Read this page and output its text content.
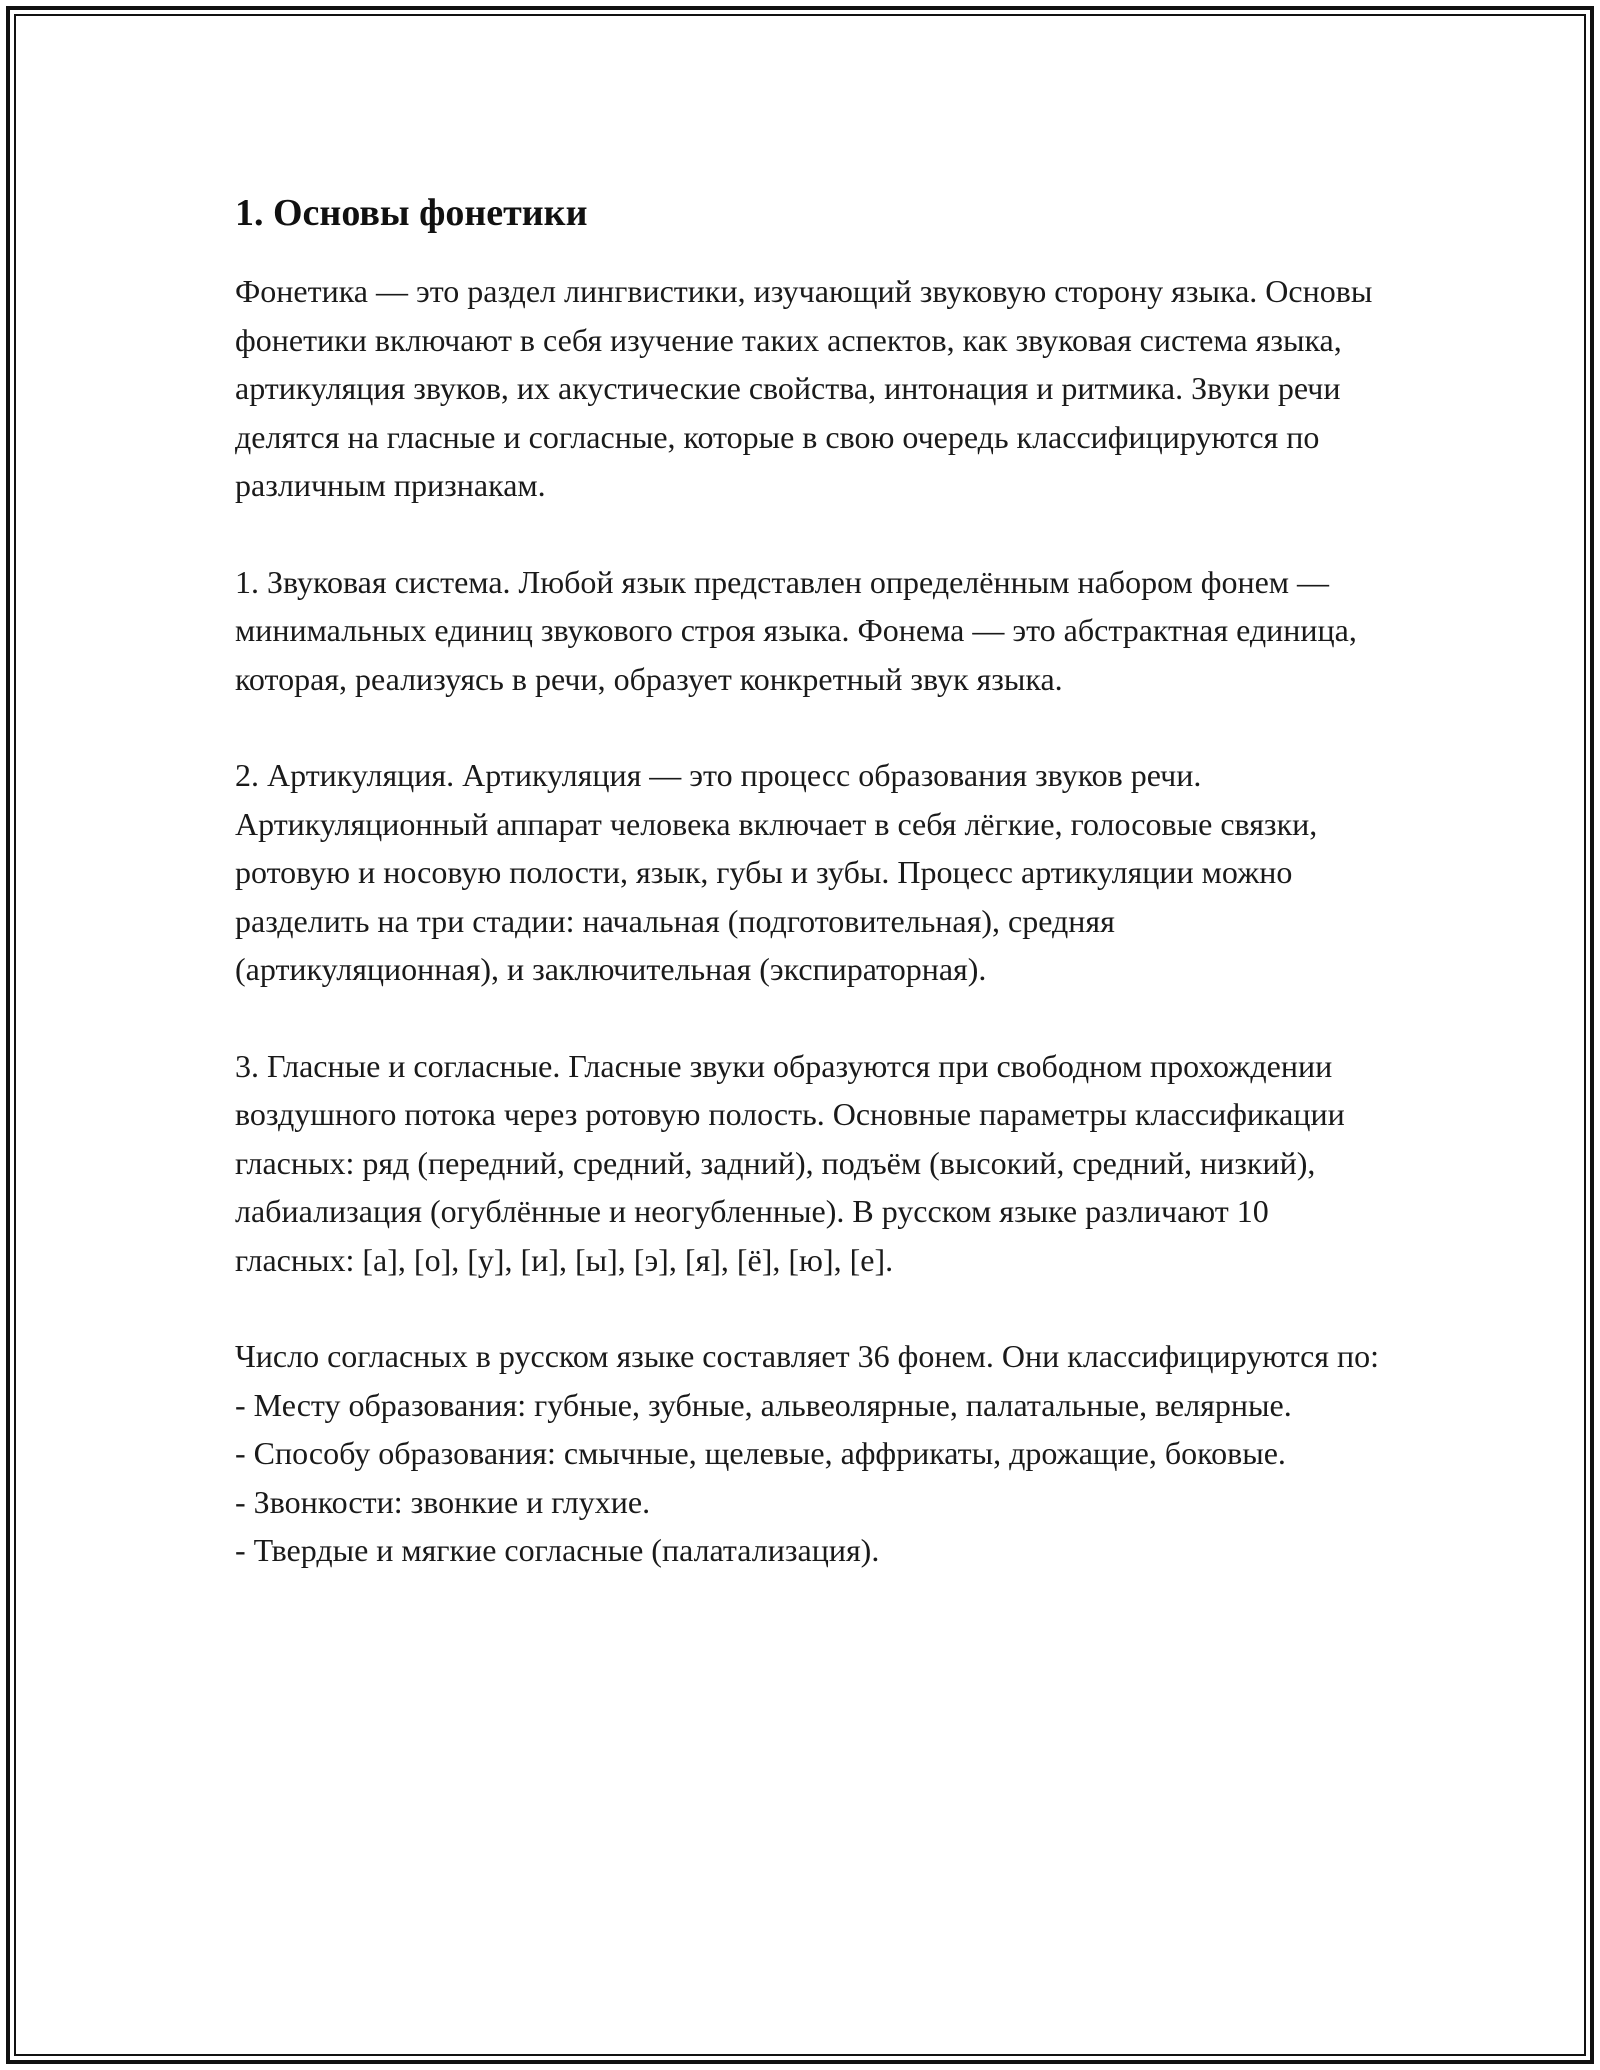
1. Основы фонетики

Фонетика — это раздел лингвистики, изучающий звуковую сторону языка. Основы фонетики включают в себя изучение таких аспектов, как звуковая система языка, артикуляция звуков, их акустические свойства, интонация и ритмика. Звуки речи делятся на гласные и согласные, которые в свою очередь классифицируются по различным признакам.

1. Звуковая система. Любой язык представлен определённым набором фонем — минимальных единиц звукового строя языка. Фонема — это абстрактная единица, которая, реализуясь в речи, образует конкретный звук языка.

2. Артикуляция. Артикуляция — это процесс образования звуков речи. Артикуляционный аппарат человека включает в себя лёгкие, голосовые связки, ротовую и носовую полости, язык, губы и зубы. Процесс артикуляции можно разделить на три стадии: начальная (подготовительная), средняя (артикуляционная), и заключительная (экспираторная).

3. Гласные и согласные. Гласные звуки образуются при свободном прохождении воздушного потока через ротовую полость. Основные параметры классификации гласных: ряд (передний, средний, задний), подъём (высокий, средний, низкий), лабиализация (огублённые и неогубленные). В русском языке различают 10 гласных: [а], [о], [у], [и], [ы], [э], [я], [ё], [ю], [е].

Число согласных в русском языке составляет 36 фонем. Они классифицируются по:
- Месту образования: губные, зубные, альвеолярные, палатальные, велярные.
- Способу образования: смычные, щелевые, аффрикаты, дрожащие, боковые.
- Звонкости: звонкие и глухие.
- Твердые и мягкие согласные (палатализация).
